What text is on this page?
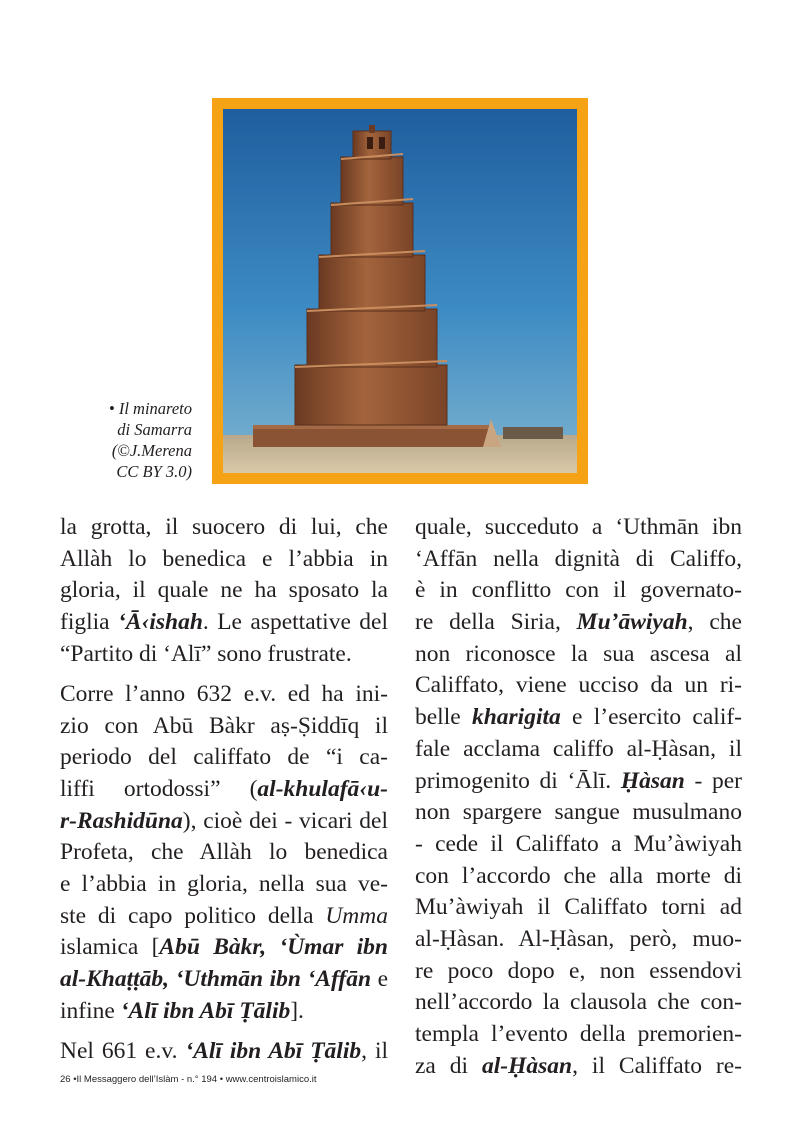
• Il minareto
di Samarra
(©J.Merena
CC BY 3.0)
la grotta, il suocero di lui, che
Allàh lo benedica e l’abbia in
gloria, il quale ne ha sposato la
figlia ‘Ā‹ishah. Le aspettative del
“Partito di ‘Alī” sono frustrate.
Corre l’anno 632 e.v. ed ha ini-
zio con Abū Bàkr aṣ-Ṣiddīq il
periodo del califfato de “i ca-
liffi ortodossi” (al-khulafā‹u-
r-Rashidūna), cioè dei - vicari del
Profeta, che Allàh lo benedica
e l’abbia in gloria, nella sua ve-
ste di capo politico della Umma
islamica [Abū Bàkr, ‘Ùmar ibn
al-Khaṭṭāb, ‘Uthmān ibn ‘Affān e
infine ‘Alī ibn Abī Ṭālib].
Nel 661 e.v. ‘Alī ibn Abī Ṭālib, il
quale, succeduto a ‘Uthmān ibn
‘Affān nella dignità di Califfo,
è in conflitto con il governato-
re della Siria, Mu’āwiyah, che
non riconosce la sua ascesa al
Califfato, viene ucciso da un ri-
belle kharigita e l’esercito calif-
fale acclama califfo al-Ḥàsan, il
primogenito di ‘Ālī. Ḥàsan - per
non spargere sangue musulmano
- cede il Califfato a Mu’àwiyah
con l’accordo che alla morte di
Mu’àwiyah il Califfato torni ad
al-Ḥàsan. Al-Ḥàsan, però, muo-
re poco dopo e, non essendovi
nell’accordo la clausola che con-
templa l’evento della premorien-
za di al-Ḥàsan, il Califfato re-
26 •Il Messaggero dell’Islàm - n.° 194 • www.centroislamico.it
